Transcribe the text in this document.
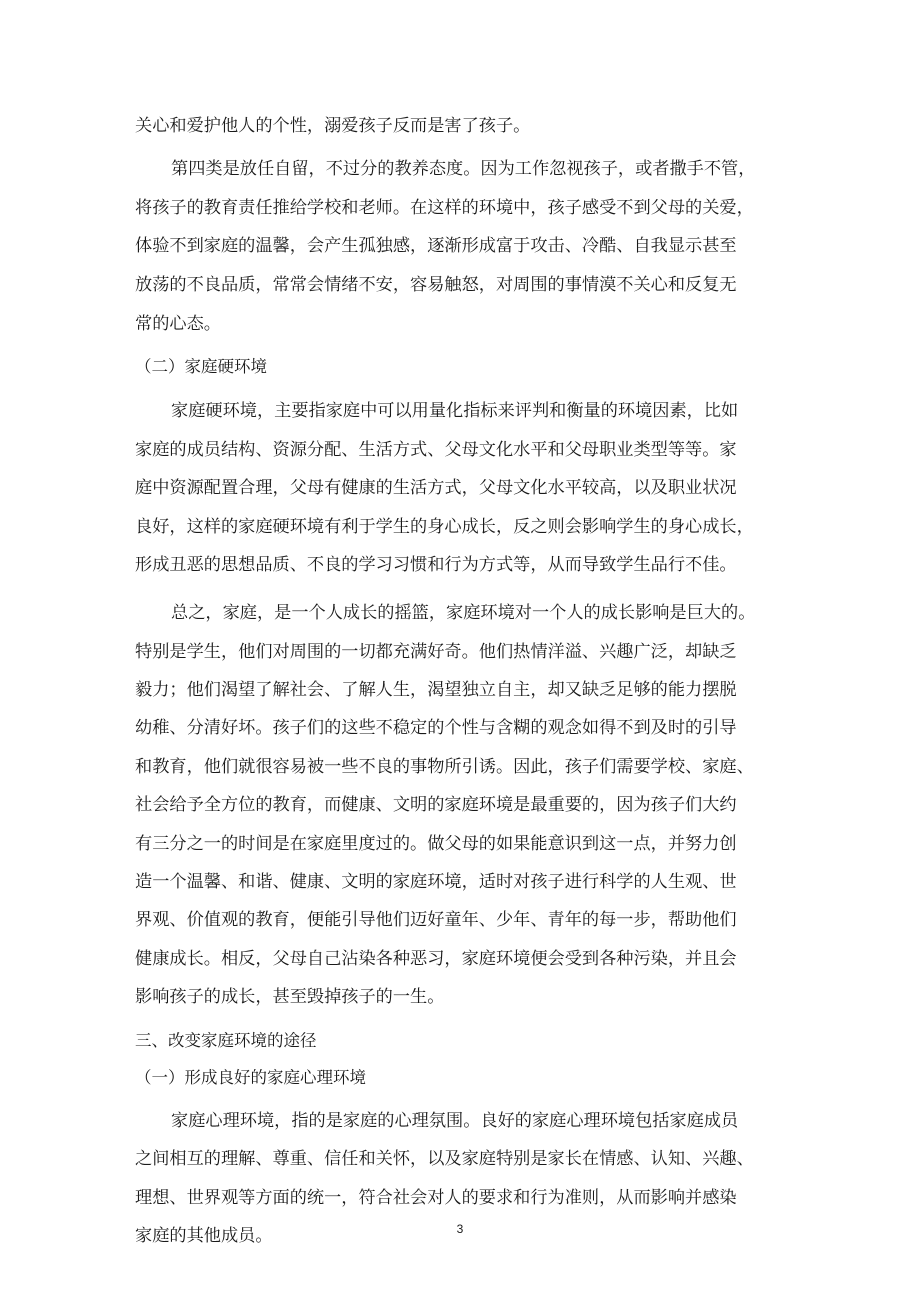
关心和爱护他人的个性，溺爱孩子反而是害了孩子。

第四类是放任自留，不过分的教养态度。因为工作忽视孩子，或者撒手不管，

将孩子的教育责任推给学校和老师。在这样的环境中，孩子感受不到父母的关爱，

体验不到家庭的温馨，会产生孤独感，逐渐形成富于攻击、冷酷、自我显示甚至

放荡的不良品质，常常会情绪不安，容易触怒，对周围的事情漠不关心和反复无

常的心态。

（二）家庭硬环境

家庭硬环境，主要指家庭中可以用量化指标来评判和衡量的环境因素，比如

家庭的成员结构、资源分配、生活方式、父母文化水平和父母职业类型等等。家

庭中资源配置合理，父母有健康的生活方式，父母文化水平较高，以及职业状况

良好，这样的家庭硬环境有利于学生的身心成长，反之则会影响学生的身心成长，

形成丑恶的思想品质、不良的学习习惯和行为方式等，从而导致学生品行不佳。

总之，家庭，是一个人成长的摇篮，家庭环境对一个人的成长影响是巨大的。

特别是学生，他们对周围的一切都充满好奇。他们热情洋溢、兴趣广泛，却缺乏

毅力；他们渴望了解社会、了解人生，渴望独立自主，却又缺乏足够的能力摆脱

幼稚、分清好坏。孩子们的这些不稳定的个性与含糊的观念如得不到及时的引导

和教育，他们就很容易被一些不良的事物所引诱。因此，孩子们需要学校、家庭、

社会给予全方位的教育，而健康、文明的家庭环境是最重要的，因为孩子们大约

有三分之一的时间是在家庭里度过的。做父母的如果能意识到这一点，并努力创

造一个温馨、和谐、健康、文明的家庭环境，适时对孩子进行科学的人生观、世

界观、价值观的教育，便能引导他们迈好童年、少年、青年的每一步，帮助他们

健康成长。相反，父母自己沾染各种恶习，家庭环境便会受到各种污染，并且会

影响孩子的成长，甚至毁掉孩子的一生。

三、改变家庭环境的途径

（一）形成良好的家庭心理环境

家庭心理环境，指的是家庭的心理氛围。良好的家庭心理环境包括家庭成员

之间相互的理解、尊重、信任和关怀，以及家庭特别是家长在情感、认知、兴趣、

理想、世界观等方面的统一，符合社会对人的要求和行为准则，从而影响并感染

家庭的其他成员。	3
